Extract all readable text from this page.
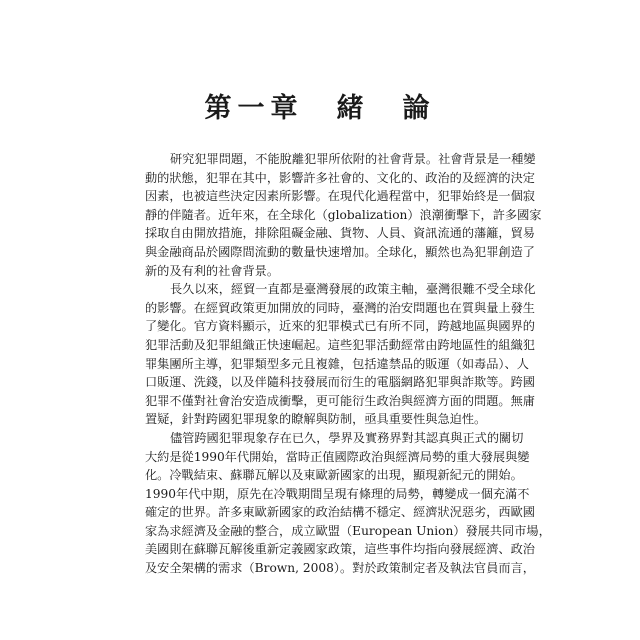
第一章　緒　論
研究犯罪問題，不能脫離犯罪所依附的社會背景。社會背景是一種變
動的狀態，犯罪在其中，影響許多社會的、文化的、政治的及經濟的決定
因素，也被這些決定因素所影響。在現代化過程當中，犯罪始終是一個寂
靜的伴隨者。近年來，在全球化（globalization）浪潮衝擊下，許多國家
採取自由開放措施，排除阻礙金融、貨物、人員、資訊流通的藩籬，貿易
與金融商品於國際間流動的數量快速增加。全球化，顯然也為犯罪創造了
新的及有利的社會背景。
長久以來，經貿一直都是臺灣發展的政策主軸，臺灣很難不受全球化
的影響。在經貿政策更加開放的同時，臺灣的治安問題也在質與量上發生
了變化。官方資料顯示，近來的犯罪模式已有所不同，跨越地區與國界的
犯罪活動及犯罪組織正快速崛起。這些犯罪活動經常由跨地區性的組織犯
罪集團所主導，犯罪類型多元且複雜，包括違禁品的販運（如毒品）、人
口販運、洗錢，以及伴隨科技發展而衍生的電腦網路犯罪與詐欺等。跨國
犯罪不僅對社會治安造成衝擊，更可能衍生政治與經濟方面的問題。無庸
置疑，針對跨國犯罪現象的瞭解與防制，亟具重要性與急迫性。
儘管跨國犯罪現象存在已久，學界及實務界對其認真與正式的關切
大約是從1990年代開始，當時正值國際政治與經濟局勢的重大發展與變
化。冷戰結束、蘇聯瓦解以及東歐新國家的出現，顯現新紀元的開始。
1990年代中期，原先在冷戰期間呈現有條理的局勢，轉變成一個充滿不
確定的世界。許多東歐新國家的政治結構不穩定、經濟狀況惡劣，西歐國
家為求經濟及金融的整合，成立歐盟（European Union）發展共同市場，
美國則在蘇聯瓦解後重新定義國家政策，這些事件均指向發展經濟、政治
及安全架構的需求（Brown, 2008）。對於政策制定者及執法官員而言，
